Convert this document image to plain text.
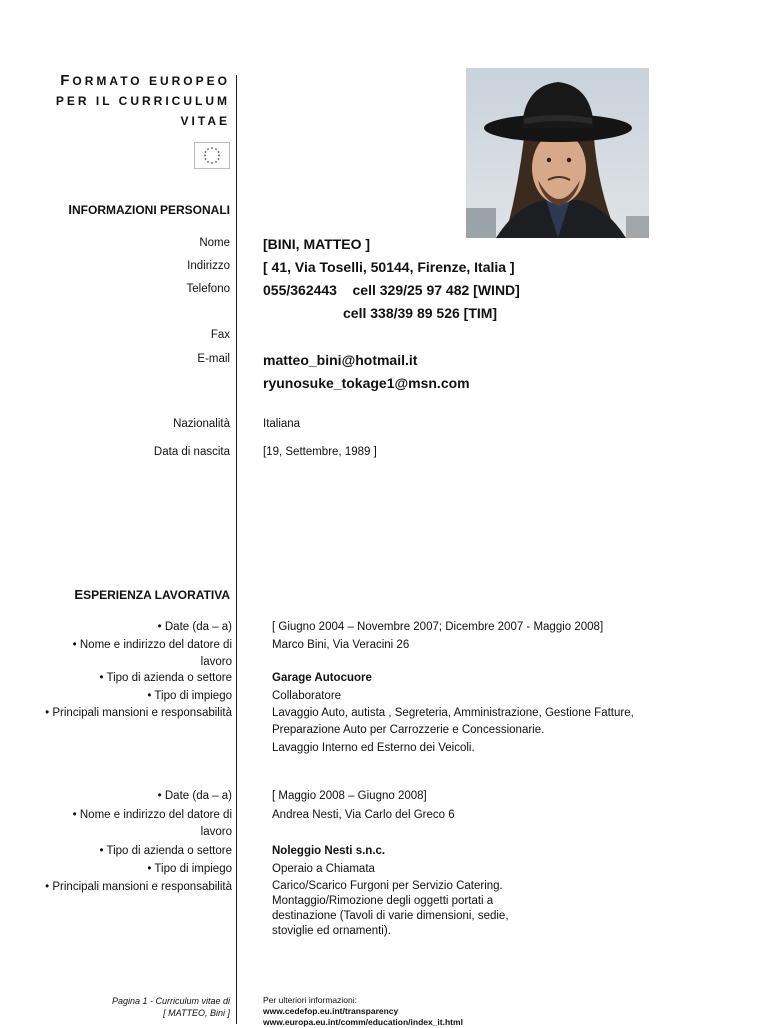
FORMATO EUROPEO
PER IL CURRICULUM
VITAE
INFORMAZIONI PERSONALI
Nome [BINI, MATTEO ]
Indirizzo [ 41, Via Toselli, 50144, Firenze, Italia ]
Telefono 055/362443    cell 329/25 97 482 [WIND]
cell 338/39 89 526 [TIM]
Fax
E-mail matteo_bini@hotmail.it
ryunosuke_tokage1@msn.com
Nazionalità	Italiana
Data di nascita	[19, Settembre, 1989 ]
ESPERIENZA LAVORATIVA
• Date (da – a)	[ Giugno 2004 – Novembre 2007; Dicembre 2007 - Maggio 2008]
• Nome e indirizzo del datore di lavoro
Marco Bini, Via Veracini 26
• Tipo di azienda o settore	Garage Autocuore
• Tipo di impiego	Collaboratore
• Principali mansioni e responsabilità	Lavaggio Auto, autista , Segreteria, Amministrazione, Gestione Fatture,
Preparazione Auto per Carrozzerie e Concessionarie.
Lavaggio Interno ed Esterno dei Veicoli.
• Date (da – a)	[ Maggio 2008 – Giugno 2008]
• Nome e indirizzo del datore di lavoro
Andrea Nesti, Via Carlo del Greco 6
• Tipo di azienda o settore	Noleggio Nesti s.n.c.
• Tipo di impiego	Operaio a Chiamata
• Principali mansioni e responsabilità	Carico/Scarico Furgoni per Servizio Catering.
Montaggio/Rimozione degli oggetti portati a
destinazione (Tavoli di varie dimensioni, sedie,
stoviglie ed ornamenti).
Pagina 1 - Curriculum vitae di
[ MATTEO, Bini ]
Per ulteriori informazioni:
www.cedefop.eu.int/transparency
www.europa.eu.int/comm/education/index_it.html
